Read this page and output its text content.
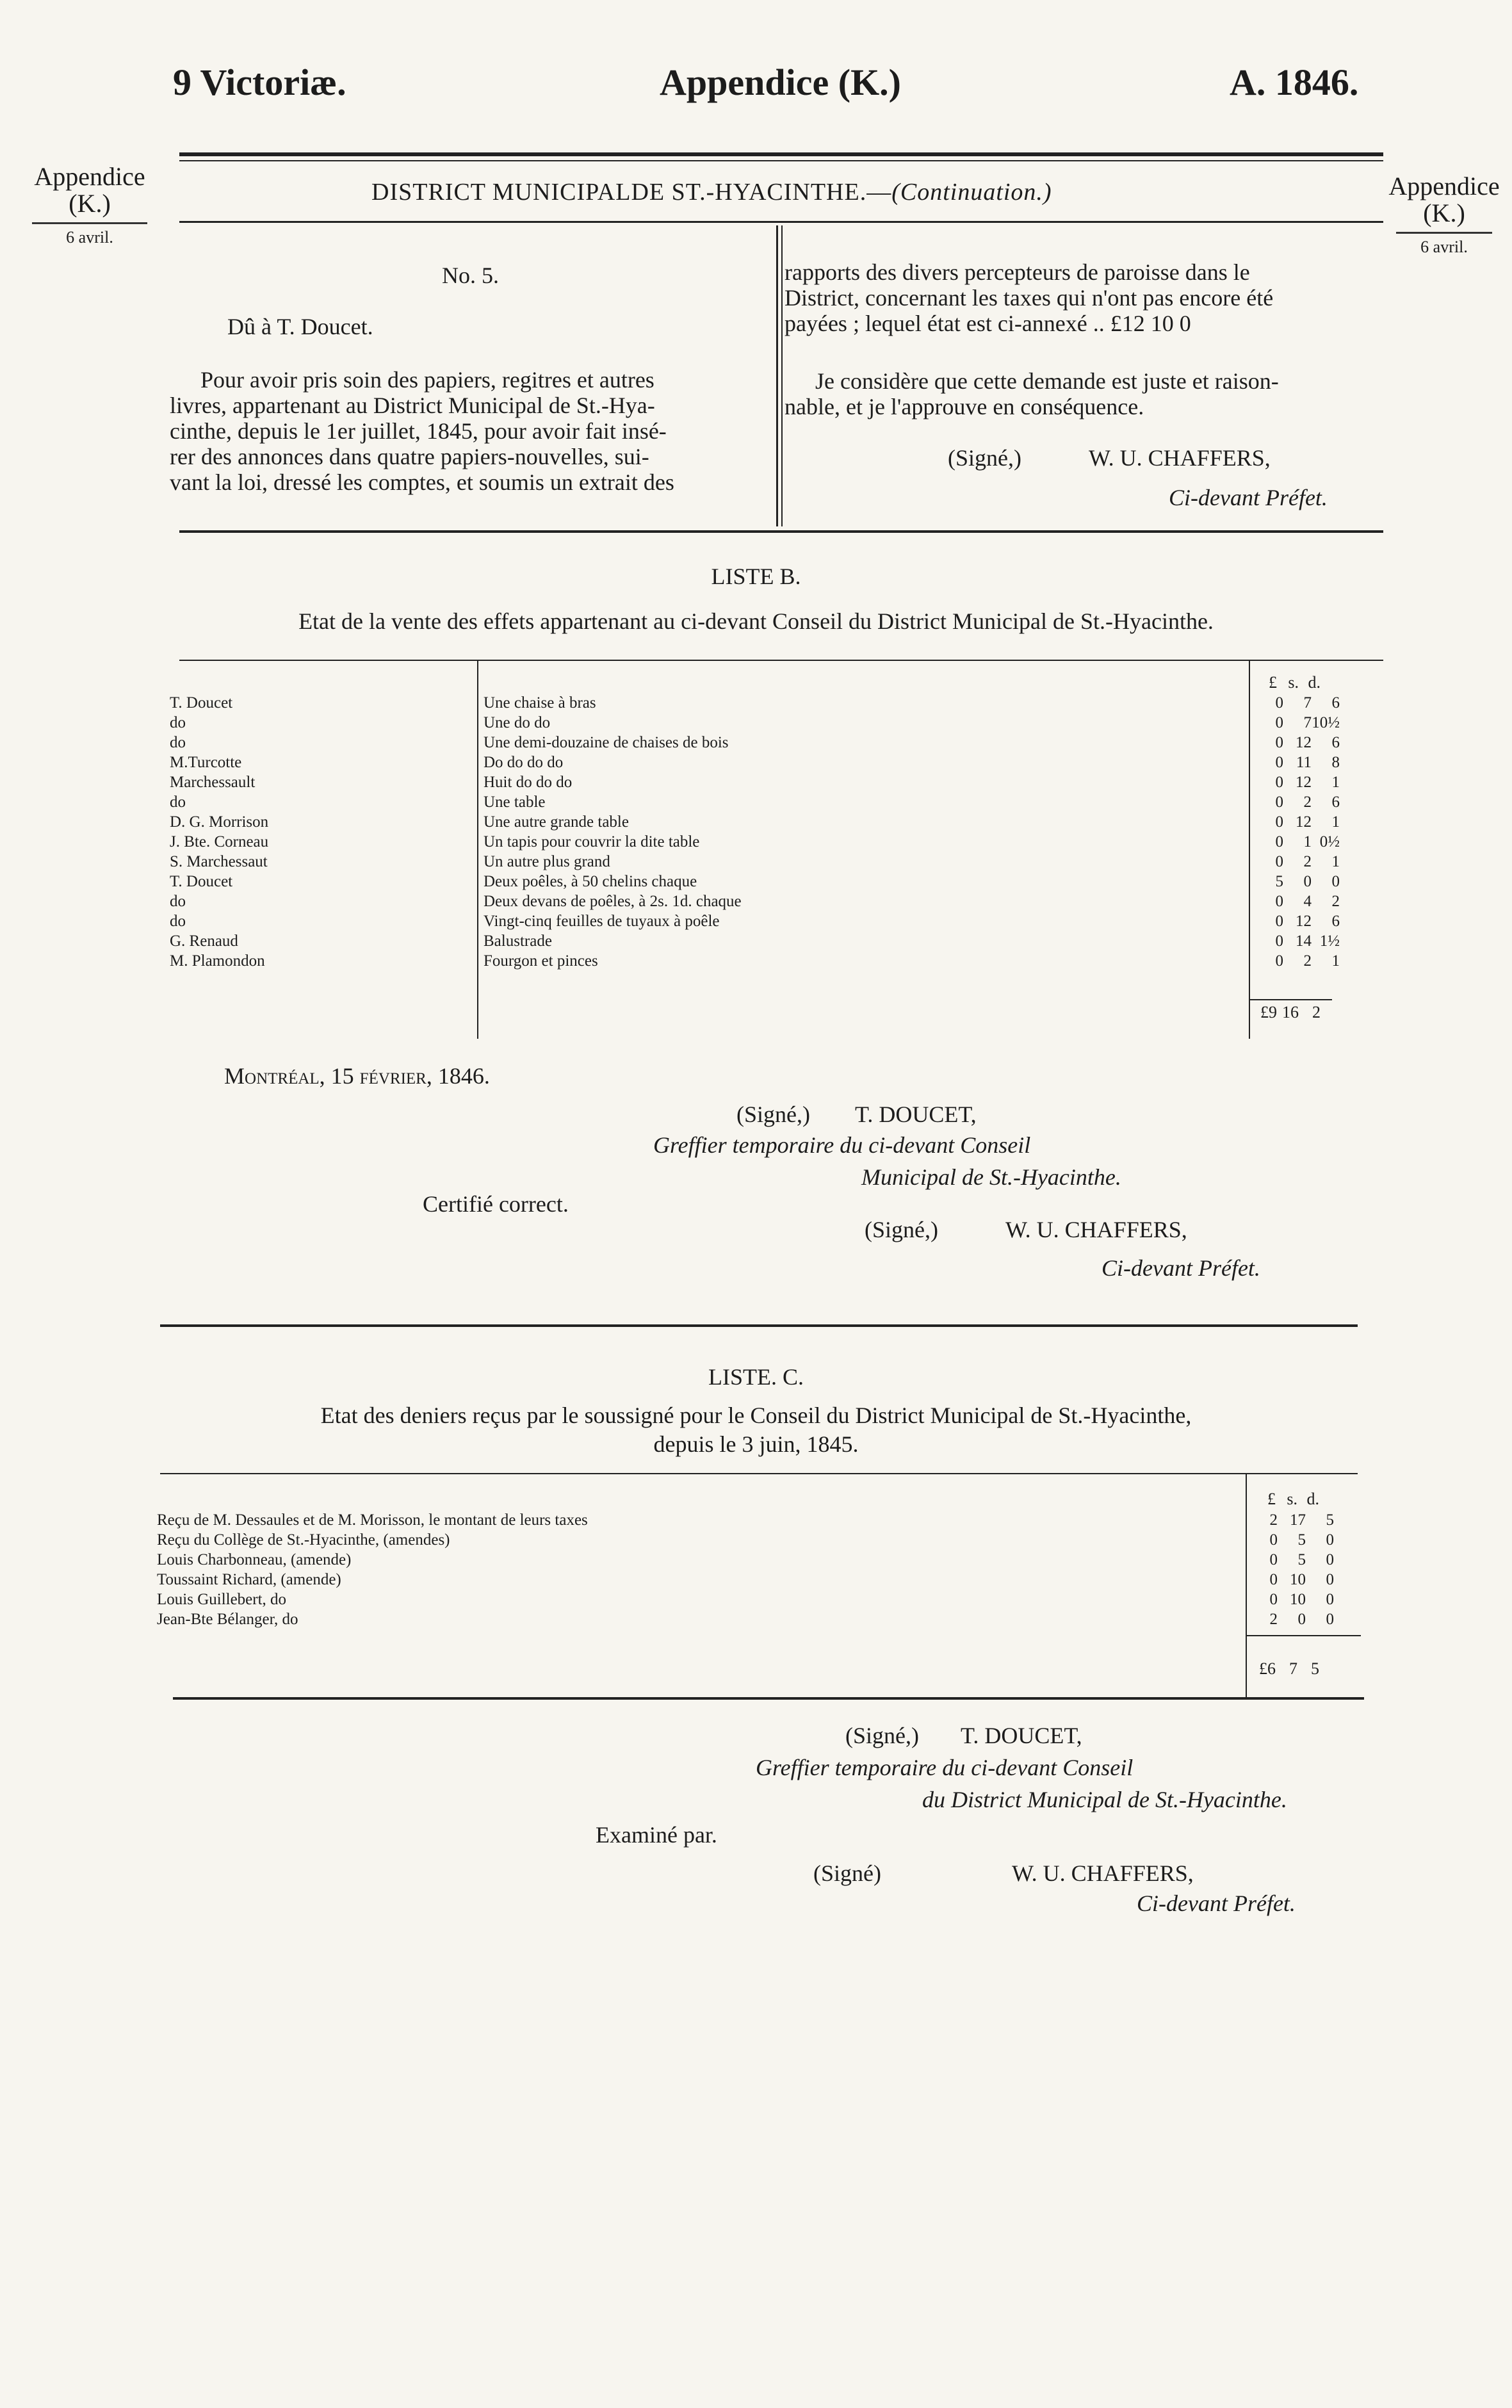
9 Victoriæ.	Appendice (K.)	A. 1846.
Appendice
(K.)
6 avril.
Appendice
(K.)
6 avril.
DISTRICT MUNICIPALDE ST.-HYACINTHE.—(Continuation.)
No. 5.
Dû à T. Doucet.
Pour avoir pris soin des papiers, regitres et autres
livres, appartenant au District Municipal de St.-Hya-
cinthe, depuis le 1er juillet, 1845, pour avoir fait insé-
rer des annonces dans quatre papiers-nouvelles, sui-
vant la loi, dressé les comptes, et soumis un extrait des
rapports des divers percepteurs de paroisse dans le
District, concernant les taxes qui n'ont pas encore été
payées ; lequel état est ci-annexé .. £12 10 0
Je considère que cette demande est juste et raison-
nable, et je l'approuve en conséquence.
(Signé,)	W. U. CHAFFERS,
Ci-devant Préfet.
LISTE B.
Etat de la vente des effets appartenant au ci-devant Conseil du District Municipal de St.-Hyacinthe.
£ s. d.
T. Doucet	Une chaise à bras	0	7	6
do	Une do do	0	7	10½
do	Une demi-douzaine de chaises de bois	0	12	6
M.Turcotte	Do do do do	0	11	8
Marchessault	Huit do do do	0	12	1
do	Une table	0	2	6
D. G. Morrison	Une autre grande table	0	12	1
J. Bte. Corneau	Un tapis pour couvrir la dite table	0	1	0½
S. Marchessaut	Un autre plus grand	0	2	1
T. Doucet	Deux poêles, à 50 chelins chaque	5	0	0
do	Deux devans de poêles, à 2s. 1d. chaque	0	4	2
do	Vingt-cinq feuilles de tuyaux à poêle	0	12	6
G. Renaud	Balustrade	0	14	1½
M. Plamondon	Fourgon et pinces	0	2	1
£9 16 2
Montréal, 15 février, 1846.
(Signé,) T. DOUCET,
Greffier temporaire du ci-devant Conseil
Municipal de St.-Hyacinthe.
Certifié correct.
(Signé,)	W. U. CHAFFERS,
Ci-devant Préfet.
LISTE. C.
Etat des deniers reçus par le soussigné pour le Conseil du District Municipal de St.-Hyacinthe,
depuis le 3 juin, 1845.
£ s. d.
Reçu de M. Dessaules et de M. Morisson, le montant de leurs taxes	2	17	5
Reçu du Collège de St.-Hyacinthe, (amendes)	0	5	0
Louis Charbonneau, (amende)	0	5	0
Toussaint Richard, (amende)	0	10	0
Louis Guillebert, do	0	10	0
Jean-Bte Bélanger, do	2	0	0
£6 7 5
(Signé,) T. DOUCET,
Greffier temporaire du ci-devant Conseil
du District Municipal de St.-Hyacinthe.
Examiné par.
(Signé)	W. U. CHAFFERS,
Ci-devant Préfet.
